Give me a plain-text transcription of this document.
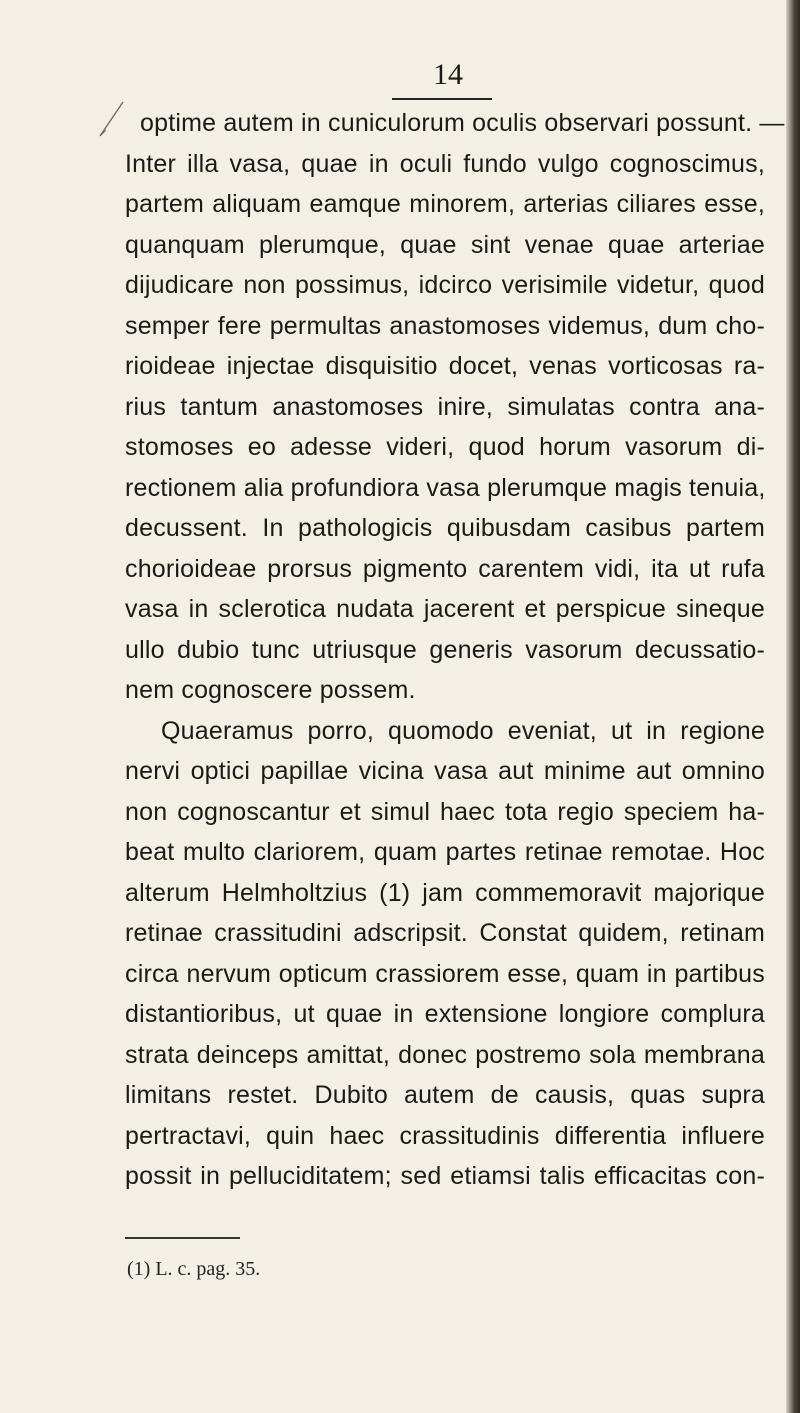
14
optime autem in cuniculorum oculis observari possunt. —
Inter illa vasa, quae in oculi fundo vulgo cognoscimus,
partem aliquam eamque minorem, arterias ciliares esse,
quanquam plerumque, quae sint venae quae arteriae
dijudicare non possimus, idcirco verisimile videtur, quod
semper fere permultas anastomoses videmus, dum cho-
rioideae injectae disquisitio docet, venas vorticosas ra-
rius tantum anastomoses inire, simulatas contra ana-
stomoses eo adesse videri, quod horum vasorum di-
rectionem alia profundiora vasa plerumque magis tenuia,
decussent. In pathologicis quibusdam casibus partem
chorioideae prorsus pigmento carentem vidi, ita ut rufa
vasa in sclerotica nudata jacerent et perspicue sineque
ullo dubio tunc utriusque generis vasorum decussatio-
nem cognoscere possem.
Quaeramus porro, quomodo eveniat, ut in regione
nervi optici papillae vicina vasa aut minime aut omnino
non cognoscantur et simul haec tota regio speciem ha-
beat multo clariorem, quam partes retinae remotae. Hoc
alterum Helmholtzius (1) jam commemoravit majorique
retinae crassitudini adscripsit. Constat quidem, retinam
circa nervum opticum crassiorem esse, quam in partibus
distantioribus, ut quae in extensione longiore complura
strata deinceps amittat, donec postremo sola membrana
limitans restet. Dubito autem de causis, quas supra
pertractavi, quin haec crassitudinis differentia influere
possit in pelluciditatem; sed etiamsi talis efficacitas con-
(1) L. c. pag. 35.
